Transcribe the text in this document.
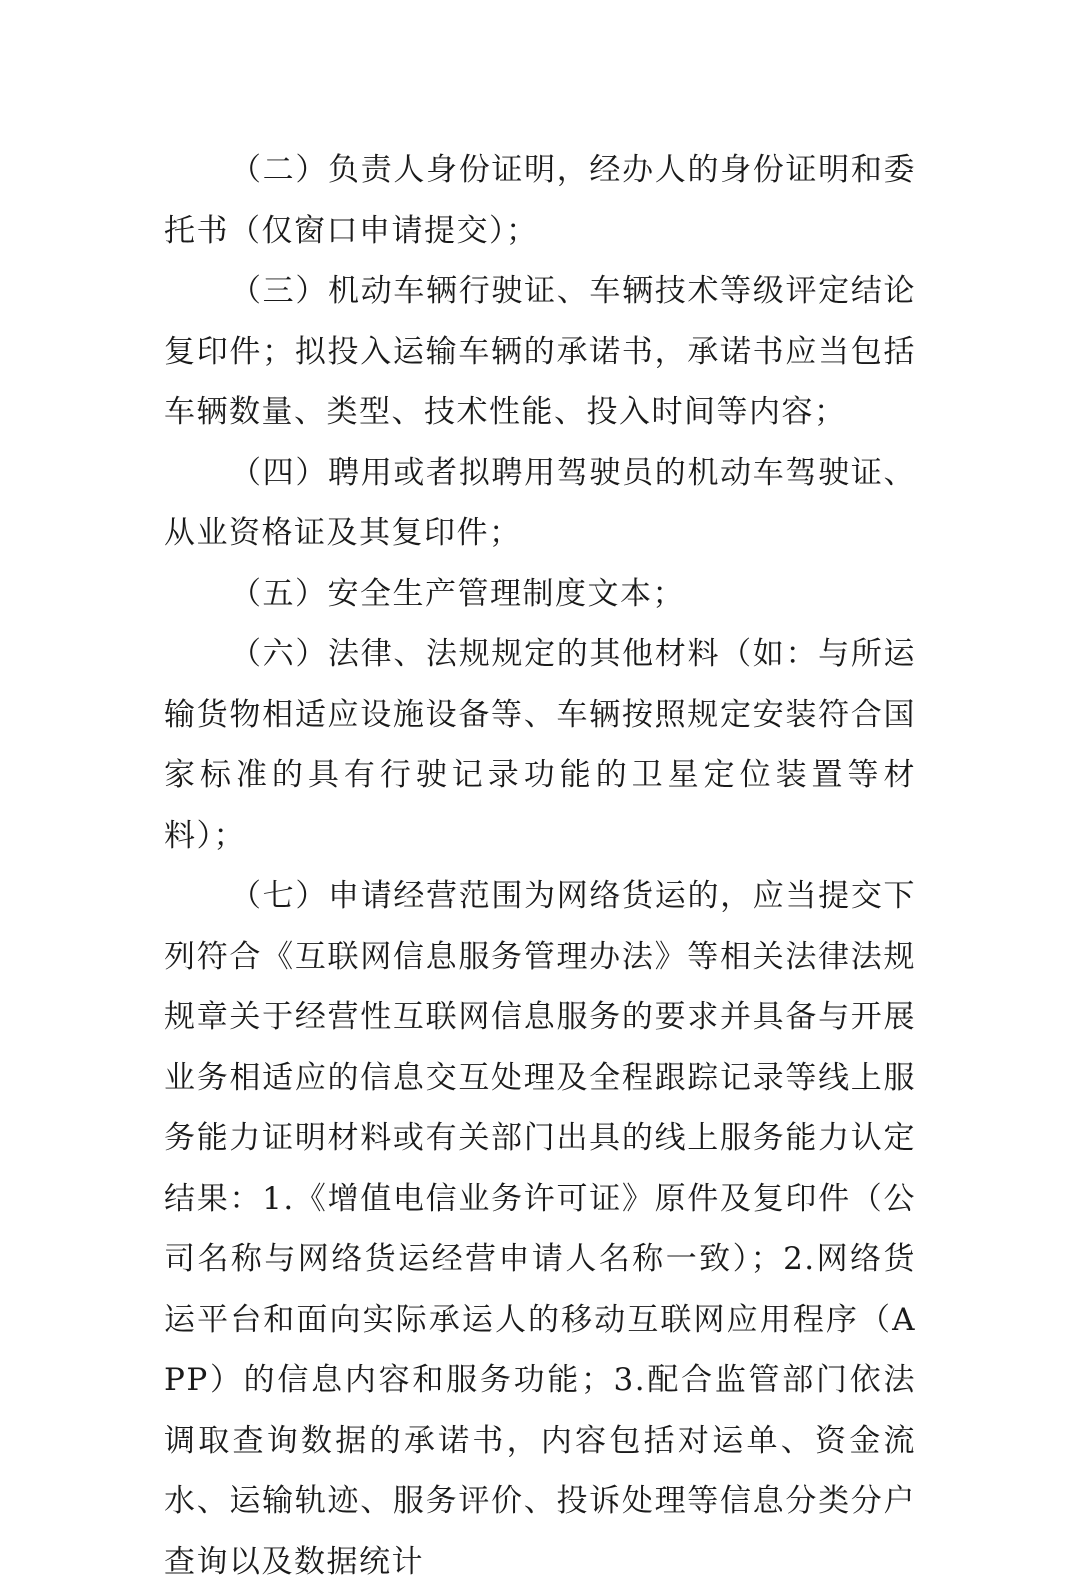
（二）负责人身份证明，经办人的身份证明和委托书（仅窗口申请提交）；

（三）机动车辆行驶证、车辆技术等级评定结论复印件；拟投入运输车辆的承诺书，承诺书应当包括车辆数量、类型、技术性能、投入时间等内容；

（四）聘用或者拟聘用驾驶员的机动车驾驶证、从业资格证及其复印件；

（五）安全生产管理制度文本；

（六）法律、法规规定的其他材料（如：与所运输货物相适应设施设备等、车辆按照规定安装符合国家标准的具有行驶记录功能的卫星定位装置等材料）；

（七）申请经营范围为网络货运的，应当提交下列符合《互联网信息服务管理办法》等相关法律法规规章关于经营性互联网信息服务的要求并具备与开展业务相适应的信息交互处理及全程跟踪记录等线上服务能力证明材料或有关部门出具的线上服务能力认定结果：1.《增值电信业务许可证》原件及复印件（公司名称与网络货运经营申请人名称一致）；2.网络货运平台和面向实际承运人的移动互联网应用程序（APP）的信息内容和服务功能；3.配合监管部门依法调取查询数据的承诺书，内容包括对运单、资金流水、运输轨迹、服务评价、投诉处理等信息分类分户查询以及数据统计
